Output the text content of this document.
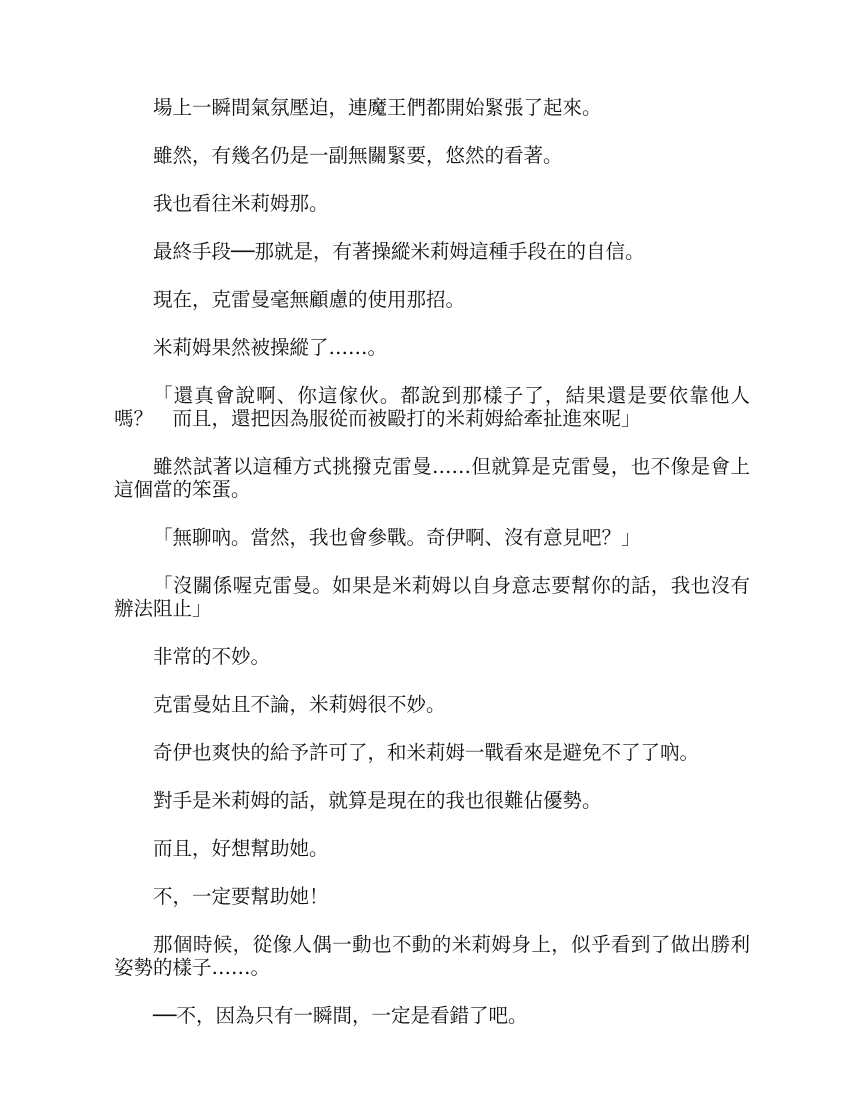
場上一瞬間氣氛壓迫，連魔王們都開始緊張了起來。

雖然，有幾名仍是一副無關緊要，悠然的看著。

我也看往米莉姆那。

最終手段──那就是，有著操縱米莉姆這種手段在的自信。

現在，克雷曼毫無顧慮的使用那招。

米莉姆果然被操縱了……。

「還真會說啊、你這傢伙。都說到那樣子了，結果還是要依靠他人嗎？　而且，還把因為服從而被毆打的米莉姆給牽扯進來呢」

雖然試著以這種方式挑撥克雷曼……但就算是克雷曼，也不像是會上這個當的笨蛋。

「無聊吶。當然，我也會參戰。奇伊啊、沒有意見吧？」

「沒關係喔克雷曼。如果是米莉姆以自身意志要幫你的話，我也沒有辦法阻止」

非常的不妙。

克雷曼姑且不論，米莉姆很不妙。

奇伊也爽快的給予許可了，和米莉姆一戰看來是避免不了了吶。

對手是米莉姆的話，就算是現在的我也很難佔優勢。

而且，好想幫助她。

不，一定要幫助她！

那個時候，從像人偶一動也不動的米莉姆身上，似乎看到了做出勝利姿勢的樣子……。

──不，因為只有一瞬間，一定是看錯了吧。
